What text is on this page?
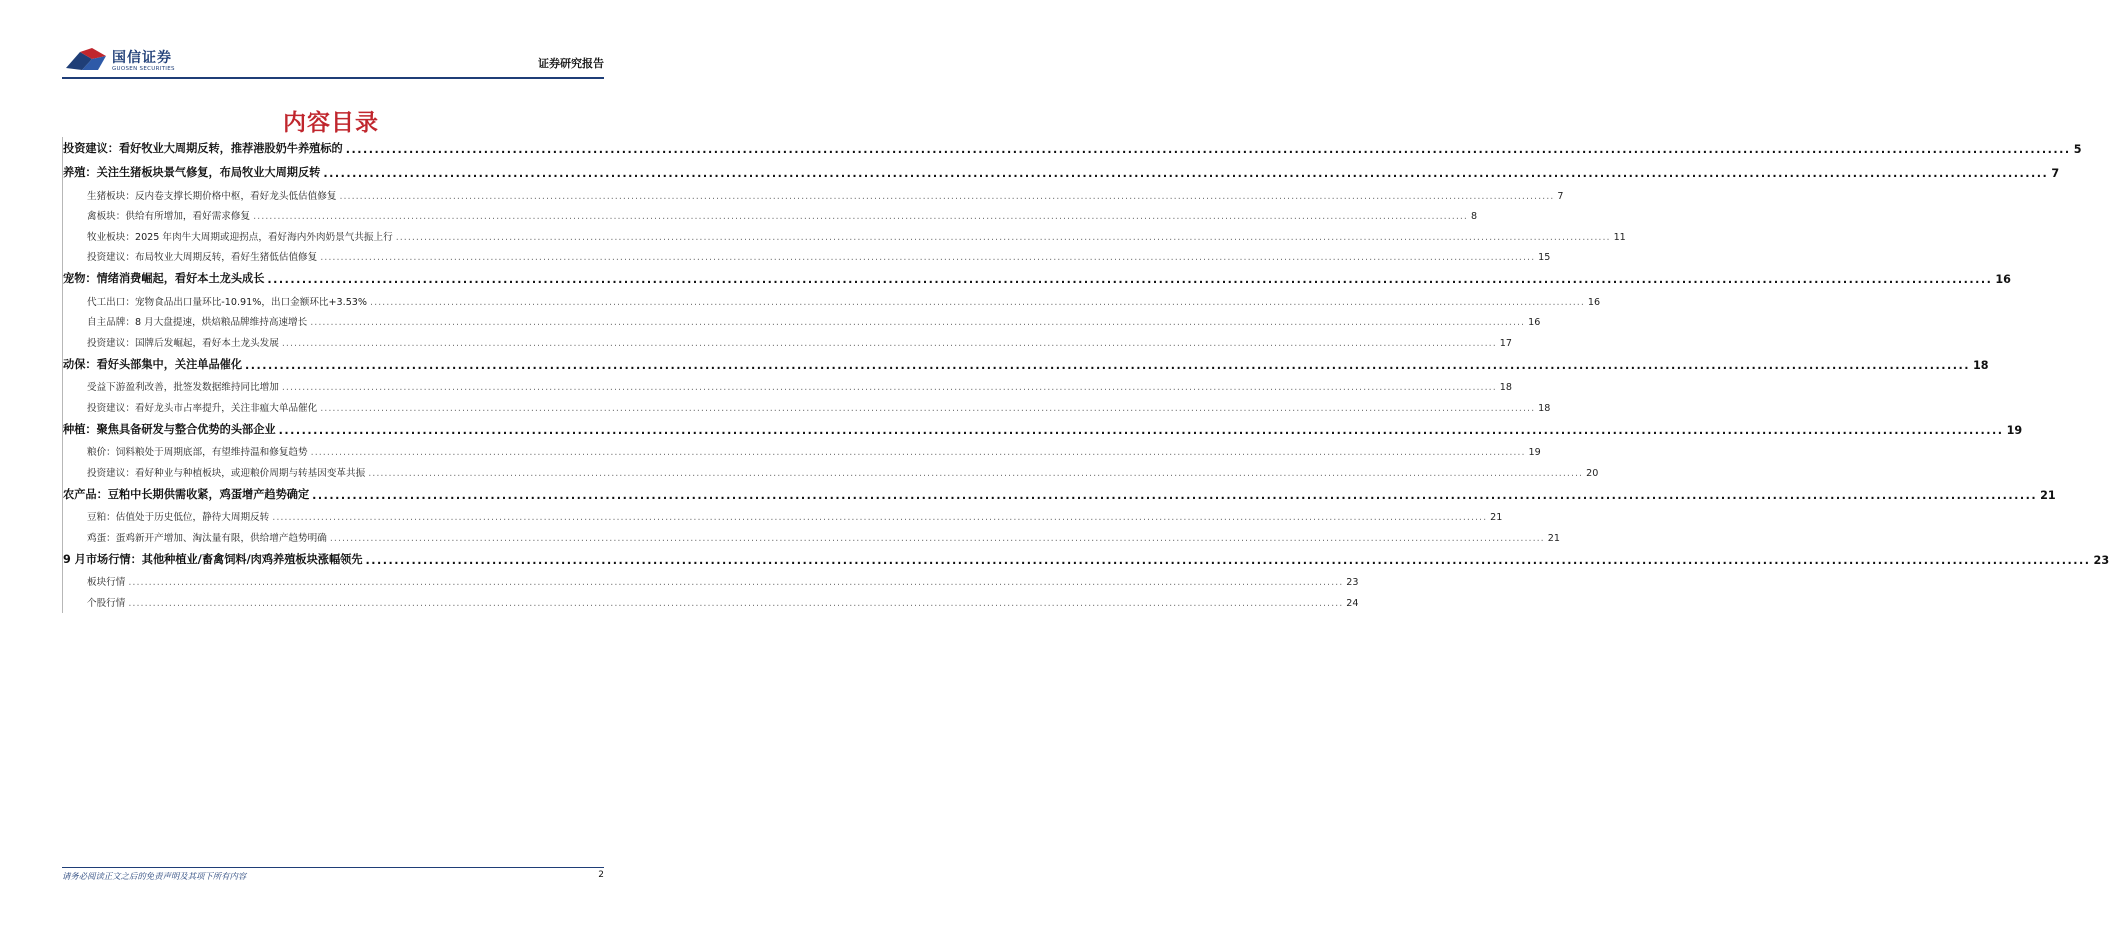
国信证券
GUOSEN SECURITIES	证券研究报告
内容目录
投资建议：看好牧业大周期反转，推荐港股奶牛养殖标的 ............................................................................................................................................................................................................................................................................................................ 5
养殖：关注生猪板块景气修复，布局牧业大周期反转 ............................................................................................................................................................................................................................................................................................................ 7
生猪板块：反内卷支撑长期价格中枢，看好龙头低估值修复 ............................................................................................................................................................................................................................................................................................................ 7
禽板块：供给有所增加，看好需求修复 ............................................................................................................................................................................................................................................................................................................ 8
牧业板块：2025 年肉牛大周期或迎拐点，看好海内外肉奶景气共振上行 ............................................................................................................................................................................................................................................................................................................ 11
投资建议：布局牧业大周期反转，看好生猪低估值修复 ............................................................................................................................................................................................................................................................................................................ 15
宠物：情绪消费崛起，看好本土龙头成长 ............................................................................................................................................................................................................................................................................................................ 16
代工出口：宠物食品出口量环比-10.91%，出口金额环比+3.53% ............................................................................................................................................................................................................................................................................................................ 16
自主品牌：8 月大盘提速，烘焙粮品牌维持高速增长 ............................................................................................................................................................................................................................................................................................................ 16
投资建议：国牌后发崛起，看好本土龙头发展 ............................................................................................................................................................................................................................................................................................................ 17
动保：看好头部集中，关注单品催化 ............................................................................................................................................................................................................................................................................................................ 18
受益下游盈利改善，批签发数据维持同比增加 ............................................................................................................................................................................................................................................................................................................ 18
投资建议：看好龙头市占率提升，关注非瘟大单品催化 ............................................................................................................................................................................................................................................................................................................ 18
种植：聚焦具备研发与整合优势的头部企业 ............................................................................................................................................................................................................................................................................................................ 19
粮价：饲料粮处于周期底部，有望维持温和修复趋势 ............................................................................................................................................................................................................................................................................................................ 19
投资建议：看好种业与种植板块，或迎粮价周期与转基因变革共振 ............................................................................................................................................................................................................................................................................................................ 20
农产品：豆粕中长期供需收紧，鸡蛋增产趋势确定 ............................................................................................................................................................................................................................................................................................................ 21
豆粕：估值处于历史低位，静待大周期反转 ............................................................................................................................................................................................................................................................................................................ 21
鸡蛋：蛋鸡新开产增加、淘汰量有限，供给增产趋势明确 ............................................................................................................................................................................................................................................................................................................ 21
9 月市场行情：其他种植业/畜禽饲料/肉鸡养殖板块涨幅领先 ............................................................................................................................................................................................................................................................................................................ 23
板块行情 ............................................................................................................................................................................................................................................................................................................ 23
个股行情 ............................................................................................................................................................................................................................................................................................................ 24
请务必阅读正文之后的免责声明及其项下所有内容	2
